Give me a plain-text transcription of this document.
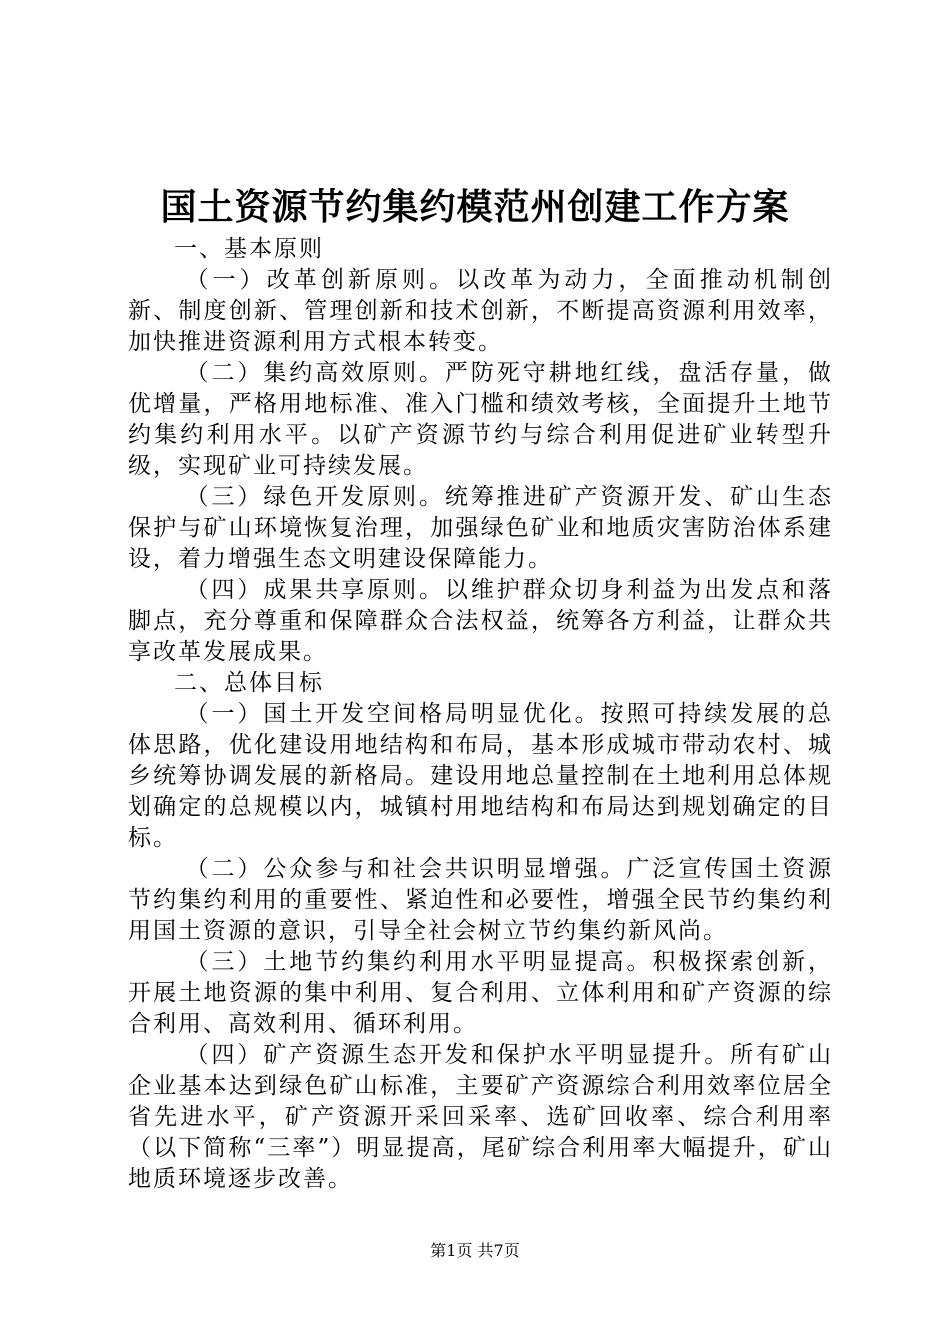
国土资源节约集约模范州创建工作方案

一、基本原则

（一）改革创新原则。以改革为动力，全面推动机制创新、制度创新、管理创新和技术创新，不断提高资源利用效率，加快推进资源利用方式根本转变。

（二）集约高效原则。严防死守耕地红线，盘活存量，做优增量，严格用地标准、准入门槛和绩效考核，全面提升土地节约集约利用水平。以矿产资源节约与综合利用促进矿业转型升级，实现矿业可持续发展。

（三）绿色开发原则。统筹推进矿产资源开发、矿山生态保护与矿山环境恢复治理，加强绿色矿业和地质灾害防治体系建设，着力增强生态文明建设保障能力。

（四）成果共享原则。以维护群众切身利益为出发点和落脚点，充分尊重和保障群众合法权益，统筹各方利益，让群众共享改革发展成果。

二、总体目标

（一）国土开发空间格局明显优化。按照可持续发展的总体思路，优化建设用地结构和布局，基本形成城市带动农村、城乡统筹协调发展的新格局。建设用地总量控制在土地利用总体规划确定的总规模以内，城镇村用地结构和布局达到规划确定的目标。

（二）公众参与和社会共识明显增强。广泛宣传国土资源节约集约利用的重要性、紧迫性和必要性，增强全民节约集约利用国土资源的意识，引导全社会树立节约集约新风尚。

（三）土地节约集约利用水平明显提高。积极探索创新，开展土地资源的集中利用、复合利用、立体利用和矿产资源的综合利用、高效利用、循环利用。

（四）矿产资源生态开发和保护水平明显提升。所有矿山企业基本达到绿色矿山标准，主要矿产资源综合利用效率位居全省先进水平，矿产资源开采回采率、选矿回收率、综合利用率（以下简称“三率”）明显提高，尾矿综合利用率大幅提升，矿山地质环境逐步改善。

第1页 共7页
